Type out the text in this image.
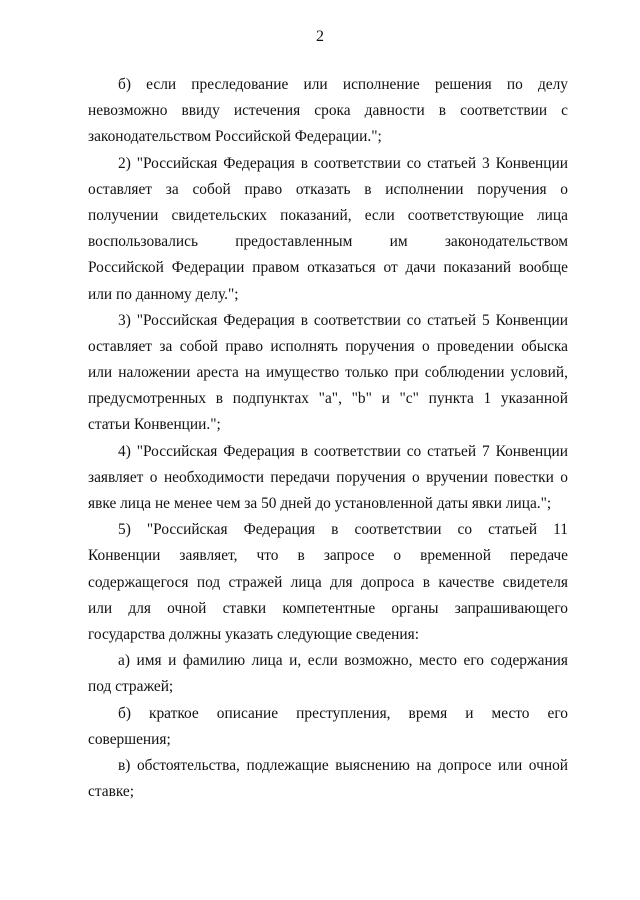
2
б) если преследование или исполнение решения по делу
невозможно ввиду истечения срока давности в соответствии с
законодательством Российской Федерации.";
2) "Российская Федерация в соответствии со статьей 3 Конвенции
оставляет за собой право отказать в исполнении поручения о
получении свидетельских показаний, если соответствующие лица
воспользовались предоставленным им законодательством
Российской Федерации правом отказаться от дачи показаний вообще
или по данному делу.";
3) "Российская Федерация в соответствии со статьей 5 Конвенции
оставляет за собой право исполнять поручения о проведении обыска
или наложении ареста на имущество только при соблюдении условий,
предусмотренных в подпунктах "a", "b" и "c" пункта 1 указанной
статьи Конвенции.";
4) "Российская Федерация в соответствии со статьей 7 Конвенции
заявляет о необходимости передачи поручения о вручении повестки о
явке лица не менее чем за 50 дней до установленной даты явки лица.";
5) "Российская Федерация в соответствии со статьей 11
Конвенции заявляет, что в запросе о временной передаче
содержащегося под стражей лица для допроса в качестве свидетеля
или для очной ставки компетентные органы запрашивающего
государства должны указать следующие сведения:
а) имя и фамилию лица и, если возможно, место его содержания
под стражей;
б) краткое описание преступления, время и место его
совершения;
в) обстоятельства, подлежащие выяснению на допросе или очной
ставке;
